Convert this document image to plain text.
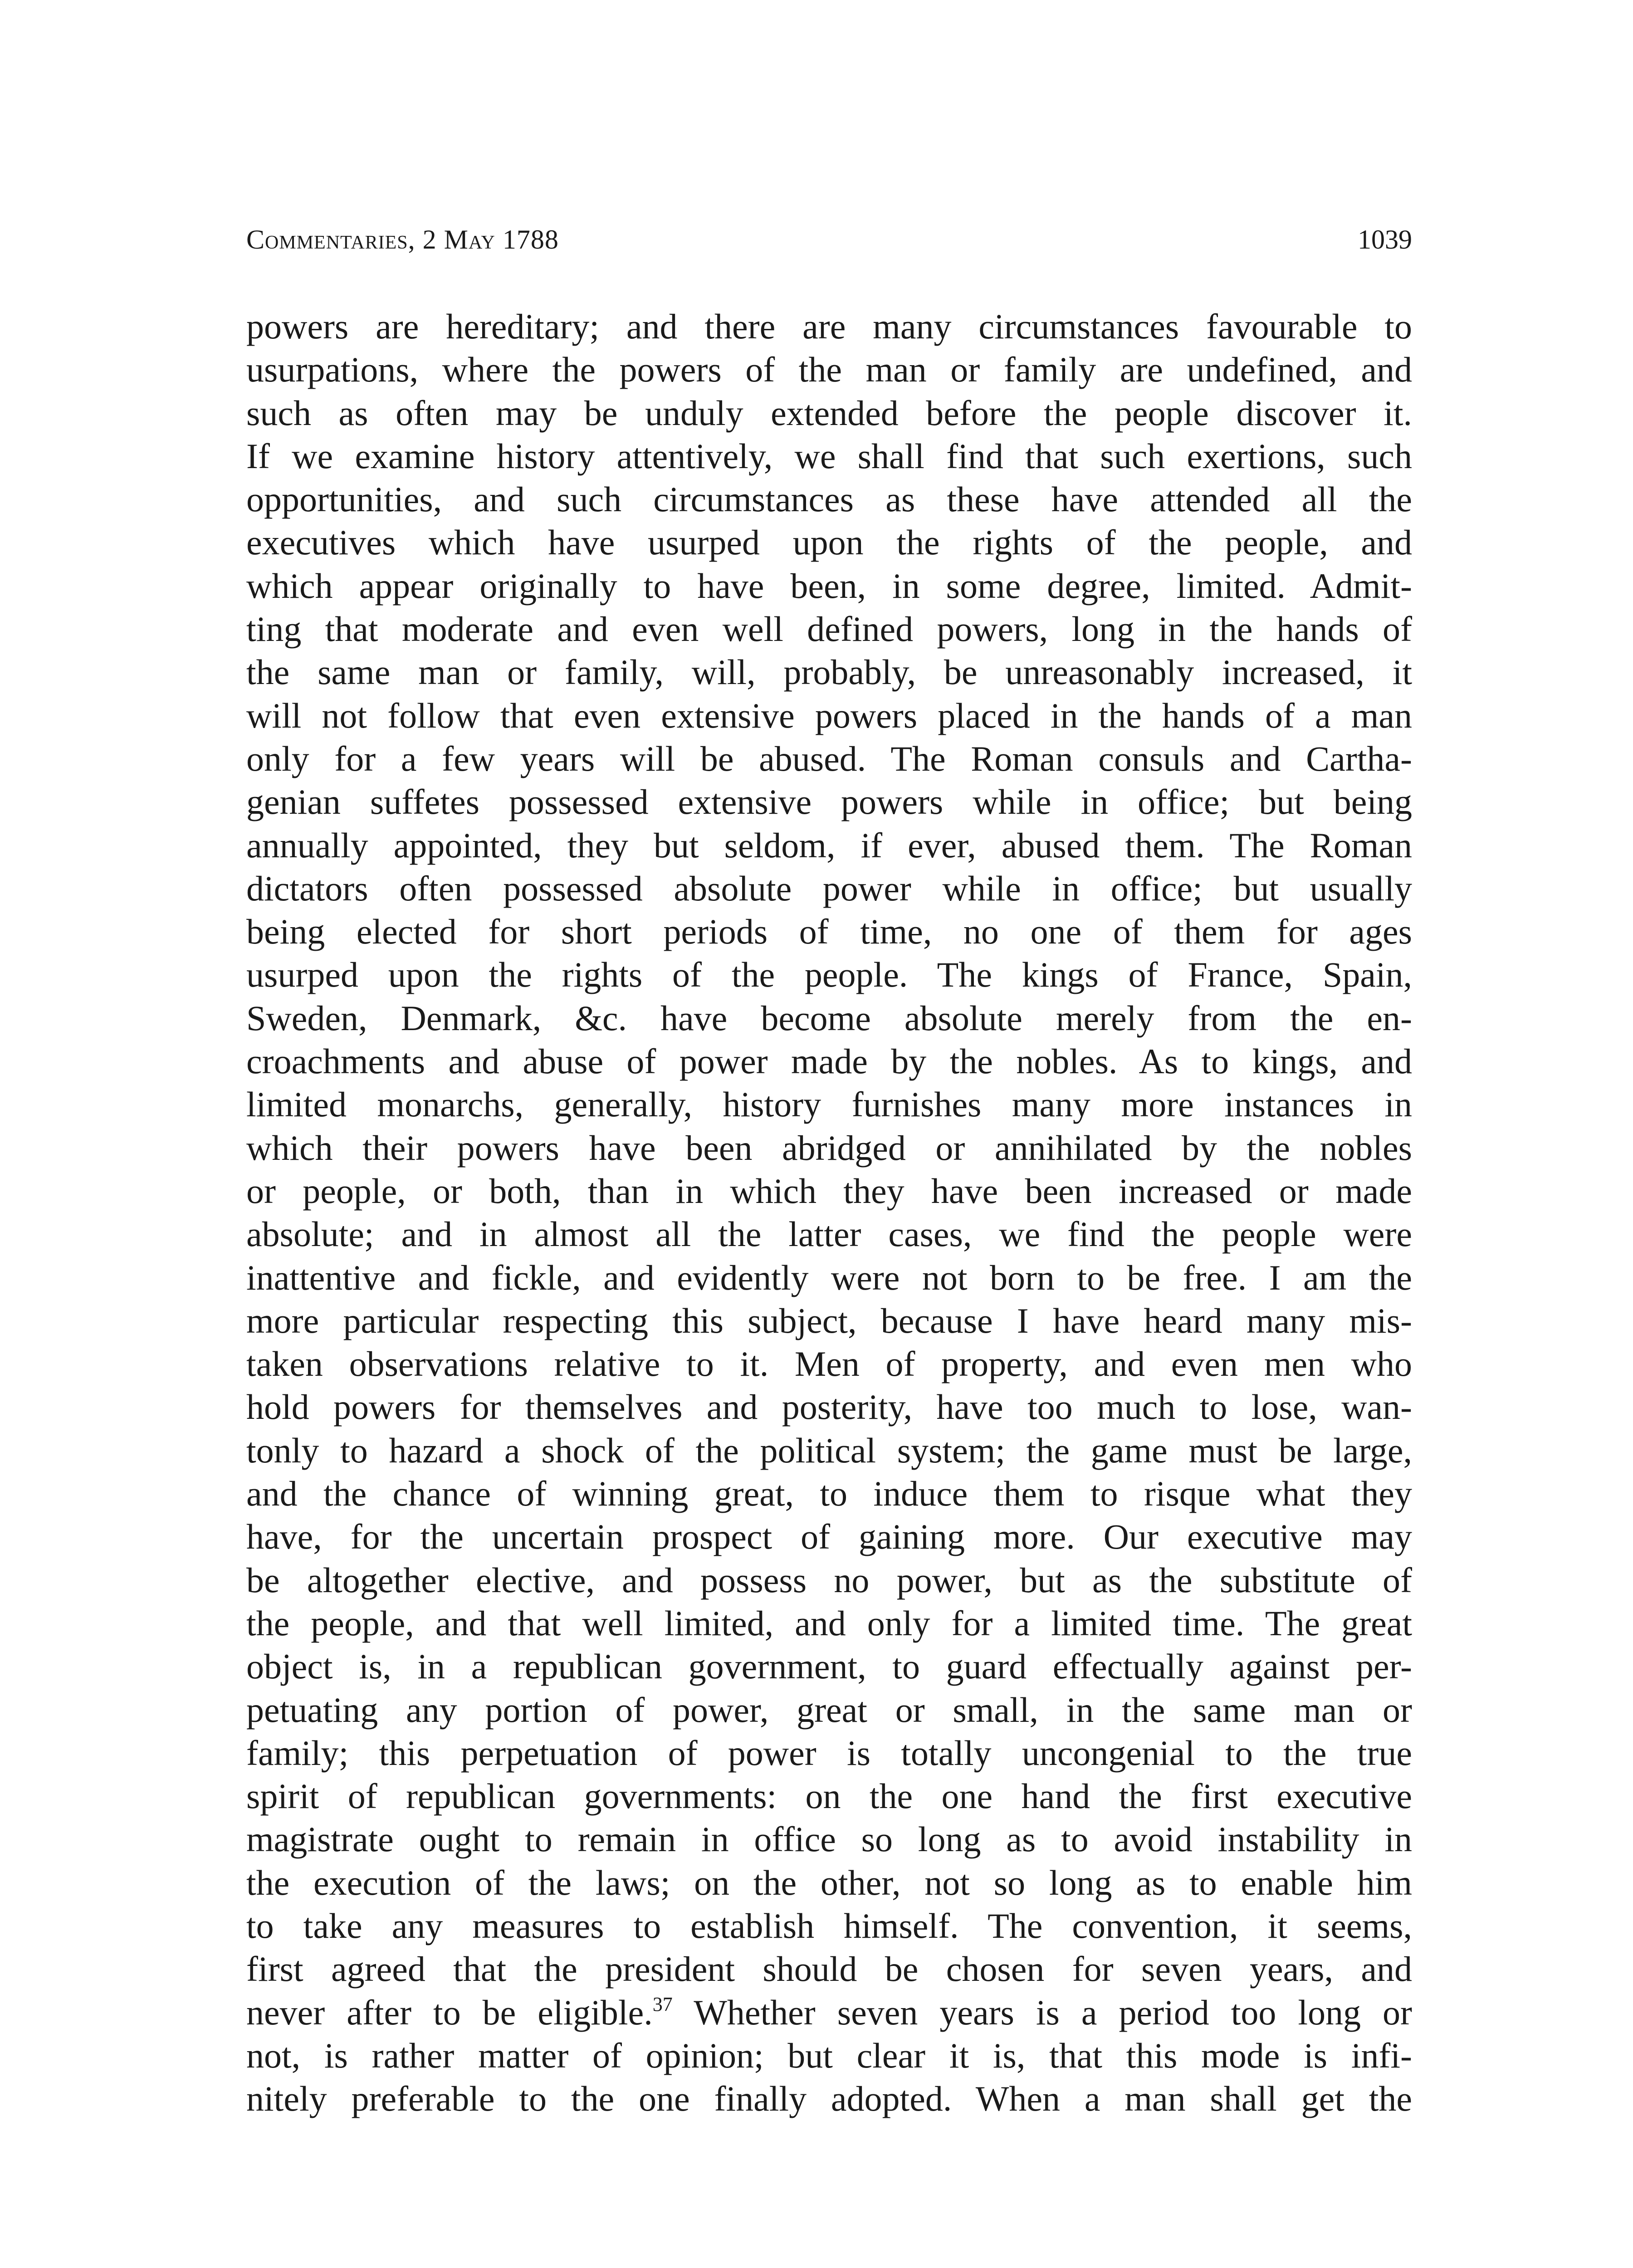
Commentaries, 2 May 1788	1039
powers are hereditary; and there are many circumstances favourable to
usurpations, where the powers of the man or family are undefined, and
such as often may be unduly extended before the people discover it.
If we examine history attentively, we shall find that such exertions, such
opportunities, and such circumstances as these have attended all the
executives which have usurped upon the rights of the people, and
which appear originally to have been, in some degree, limited. Admit-
ting that moderate and even well defined powers, long in the hands of
the same man or family, will, probably, be unreasonably increased, it
will not follow that even extensive powers placed in the hands of a man
only for a few years will be abused. The Roman consuls and Cartha-
genian suffetes possessed extensive powers while in office; but being
annually appointed, they but seldom, if ever, abused them. The Roman
dictators often possessed absolute power while in office; but usually
being elected for short periods of time, no one of them for ages
usurped upon the rights of the people. The kings of France, Spain,
Sweden, Denmark, &c. have become absolute merely from the en-
croachments and abuse of power made by the nobles. As to kings, and
limited monarchs, generally, history furnishes many more instances in
which their powers have been abridged or annihilated by the nobles
or people, or both, than in which they have been increased or made
absolute; and in almost all the latter cases, we find the people were
inattentive and fickle, and evidently were not born to be free. I am the
more particular respecting this subject, because I have heard many mis-
taken observations relative to it. Men of property, and even men who
hold powers for themselves and posterity, have too much to lose, wan-
tonly to hazard a shock of the political system; the game must be large,
and the chance of winning great, to induce them to risque what they
have, for the uncertain prospect of gaining more. Our executive may
be altogether elective, and possess no power, but as the substitute of
the people, and that well limited, and only for a limited time. The great
object is, in a republican government, to guard effectually against per-
petuating any portion of power, great or small, in the same man or
family; this perpetuation of power is totally uncongenial to the true
spirit of republican governments: on the one hand the first executive
magistrate ought to remain in office so long as to avoid instability in
the execution of the laws; on the other, not so long as to enable him
to take any measures to establish himself. The convention, it seems,
first agreed that the president should be chosen for seven years, and
never after to be eligible.$^{37}$ Whether seven years is a period too long or
not, is rather matter of opinion; but clear it is, that this mode is infi-
nitely preferable to the one finally adopted. When a man shall get the
